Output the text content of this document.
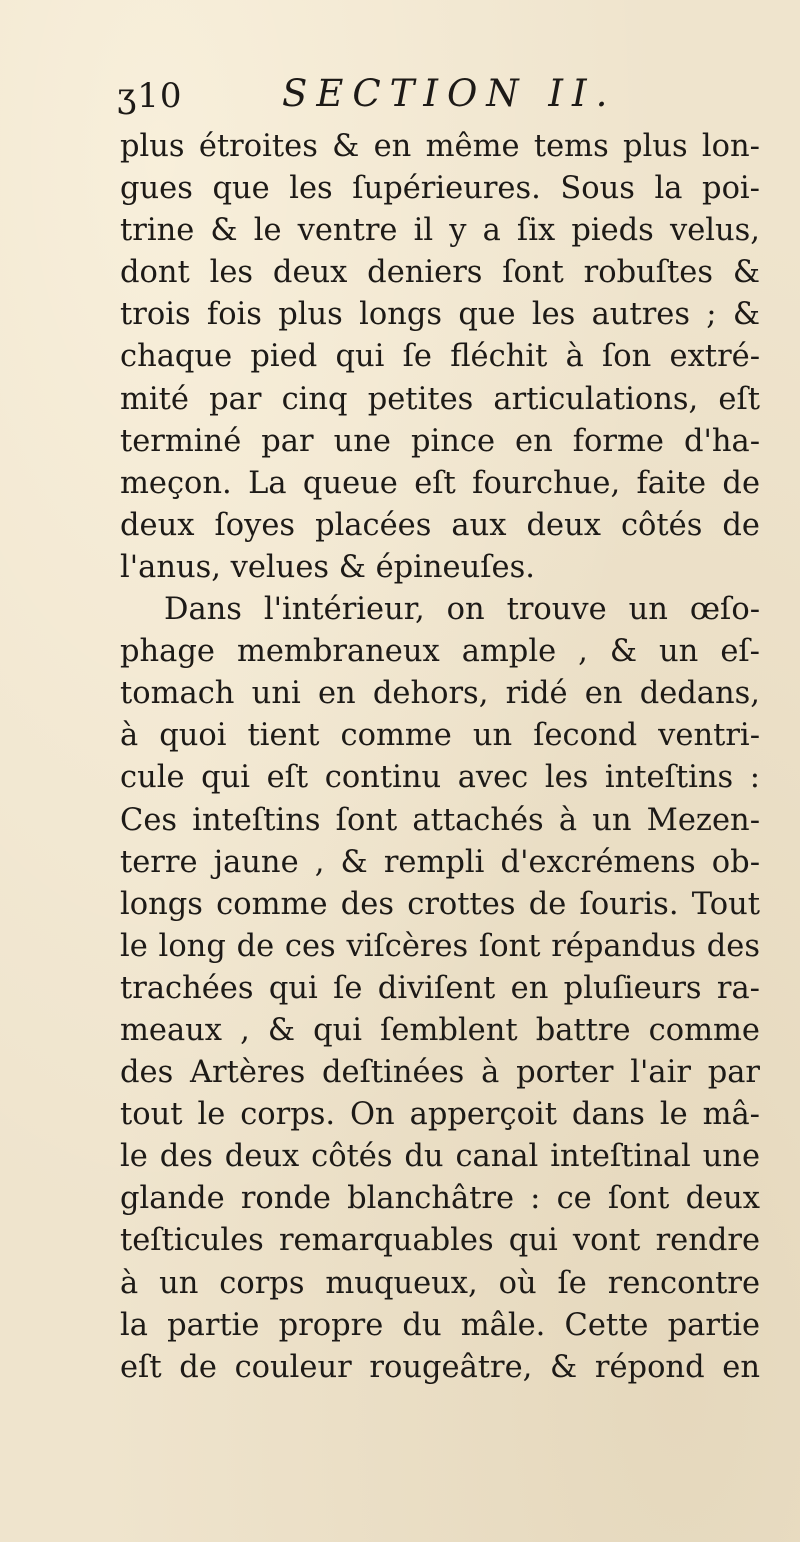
ʒ10	SECTION II.
plus étroites & en même tems plus lon-
gues que les ſupérieures. Sous la poi-
trine & le ventre il y a ſix pieds velus,
dont les deux deniers ſont robuſtes &
trois fois plus longs que les autres ; &
chaque pied qui ſe fléchit à ſon extré-
mité par cinq petites articulations, eſt
terminé par une pince en forme d'ha-
meçon. La queue eſt fourchue, faite de
deux ſoyes placées aux deux côtés de
l'anus, velues & épineuſes.
Dans l'intérieur, on trouve un œſo-
phage membraneux ample , & un eſ-
tomach uni en dehors, ridé en dedans,
à quoi tient comme un ſecond ventri-
cule qui eſt continu avec les inteſtins :
Ces inteſtins ſont attachés à un Mezen-
terre jaune , & rempli d'excrémens ob-
longs comme des crottes de ſouris. Tout
le long de ces viſcères ſont répandus des
trachées qui ſe diviſent en pluſieurs ra-
meaux , & qui ſemblent battre comme
des Artères deſtinées à porter l'air par
tout le corps. On apperçoit dans le mâ-
le des deux côtés du canal inteſtinal une
glande ronde blanchâtre : ce ſont deux
teſticules remarquables qui vont rendre
à un corps muqueux, où ſe rencontre
la partie propre du mâle. Cette partie
eſt de couleur rougeâtre, & répond en
